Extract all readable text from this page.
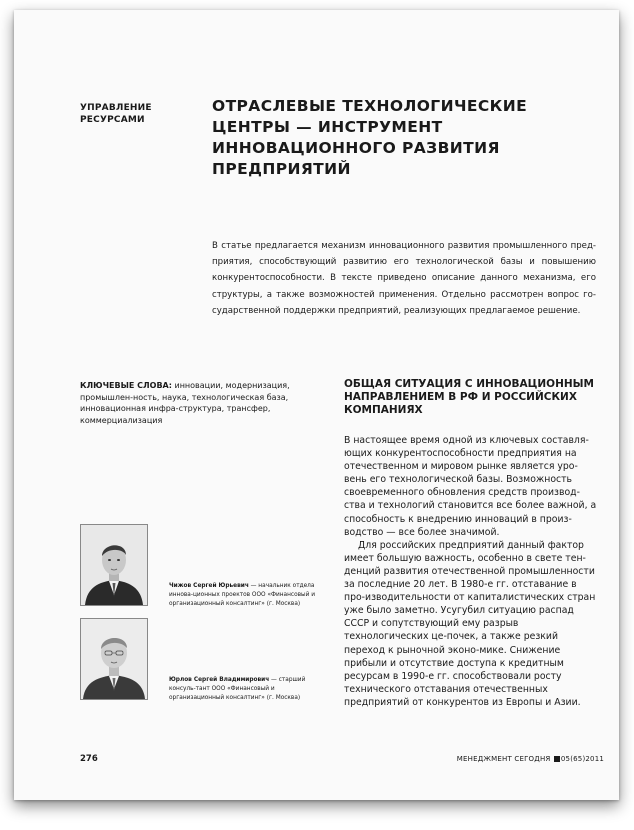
УПРАВЛЕНИЕ РЕСУРСАМИ
ОТРАСЛЕВЫЕ ТЕХНОЛОГИЧЕСКИЕ ЦЕНТРЫ — ИНСТРУМЕНТ ИННОВАЦИОННОГО РАЗВИТИЯ ПРЕДПРИЯТИЙ
В статье предлагается механизм инновационного развития промышленного пред-приятия, способствующий развитию его технологической базы и повышению конкурентоспособности. В тексте приведено описание данного механизма, его структуры, а также возможностей применения. Отдельно рассмотрен вопрос го-сударственной поддержки предприятий, реализующих предлагаемое решение.
КЛЮЧЕВЫЕ СЛОВА: инновации, модернизация, промышлен-ность, наука, технологическая база, инновационная инфра-структура, трансфер, коммерциализация
ОБЩАЯ СИТУАЦИЯ С ИННОВАЦИОННЫМ НАПРАВЛЕНИЕМ В РФ И РОССИЙСКИХ КОМПАНИЯХ

В настоящее время одной из ключевых составля-ющих конкурентоспособности предприятия на отечественном и мировом рынке является уро-вень его технологической базы. Возможность своевременного обновления средств производ-ства и технологий становится все более важной, а способность к внедрению инноваций в произ-водство — все более значимой.

Для российских предприятий данный фактор имеет большую важность, особенно в свете тен-денций развития отечественной промышленности за последние 20 лет. В 1980-е гг. отставание в про-изводительности от капиталистических стран уже было заметно. Усугубил ситуацию распад СССР и сопутствующий ему разрыв технологических це-почек, а также резкий переход к рыночной эконо-мике. Снижение прибыли и отсутствие доступа к кредитным ресурсам в 1990-е гг. способствовали росту технического отставания отечественных предприятий от конкурентов из Европы и Азии.

Чижов Сергей Юрьевич — начальник отдела иннова-ционных проектов ООО «Финансовый и организационный консалтинг» (г. Москва)
Юрлов Сергей Владимирович — старший консуль-тант ООО «Финансовый и организационный консалтинг» (г. Москва)
276	МЕНЕДЖМЕНТ СЕГОДНЯ 05(65)2011
